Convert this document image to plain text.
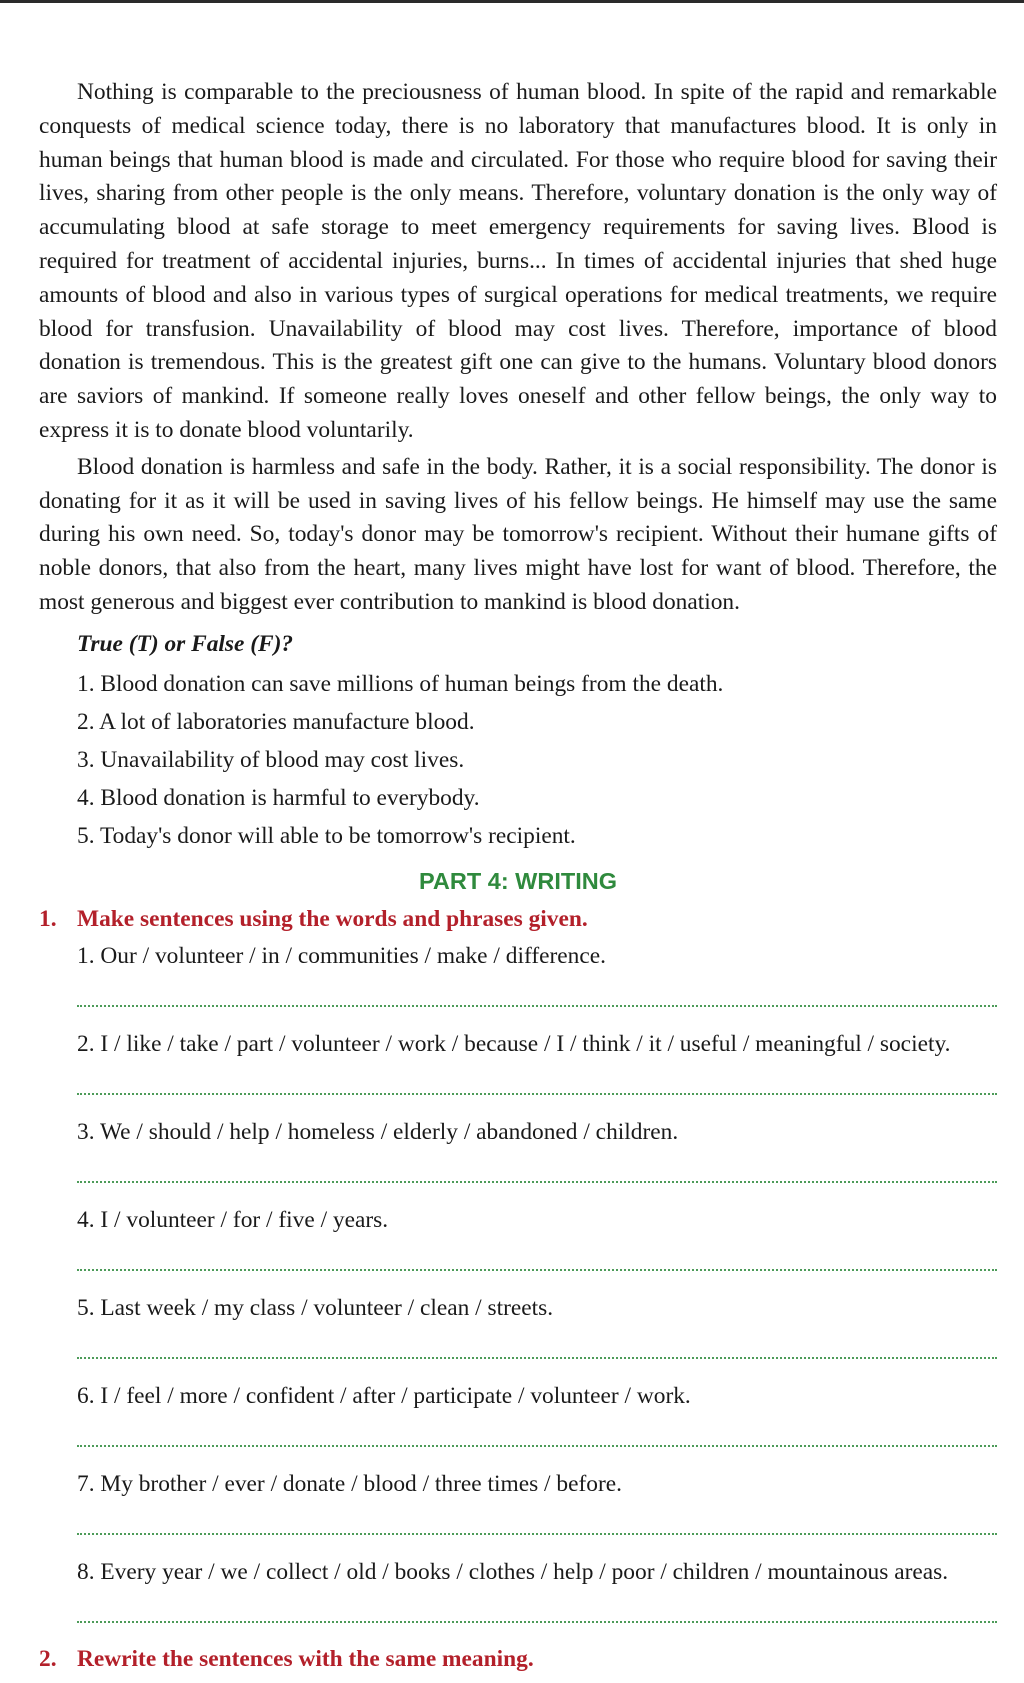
Nothing is comparable to the preciousness of human blood. In spite of the rapid and remarkable conquests of medical science today, there is no laboratory that manufactures blood. It is only in human beings that human blood is made and circulated. For those who require blood for saving their lives, sharing from other people is the only means. Therefore, voluntary donation is the only way of accumulating blood at safe storage to meet emergency requirements for saving lives. Blood is required for treatment of accidental injuries, burns... In times of accidental injuries that shed huge amounts of blood and also in various types of surgical operations for medical treatments, we require blood for transfusion. Unavailability of blood may cost lives. Therefore, importance of blood donation is tremendous. This is the greatest gift one can give to the humans. Voluntary blood donors are saviors of mankind. If someone really loves oneself and other fellow beings, the only way to express it is to donate blood voluntarily.

Blood donation is harmless and safe in the body. Rather, it is a social responsibility. The donor is donating for it as it will be used in saving lives of his fellow beings. He himself may use the same during his own need. So, today's donor may be tomorrow's recipient. Without their humane gifts of noble donors, that also from the heart, many lives might have lost for want of blood. Therefore, the most generous and biggest ever contribution to mankind is blood donation.

True (T) or False (F)?
1. Blood donation can save millions of human beings from the death.
2. A lot of laboratories manufacture blood.
3. Unavailability of blood may cost lives.
4. Blood donation is harmful to everybody.
5. Today's donor will able to be tomorrow's recipient.
PART 4: WRITING
1. Make sentences using the words and phrases given.
1. Our / volunteer / in / communities / make / difference.
2. I / like / take / part / volunteer / work / because / I / think / it / useful / meaningful / society.
3. We / should / help / homeless / elderly / abandoned / children.
4. I / volunteer / for / five / years.
5. Last week / my class / volunteer / clean / streets.
6. I / feel / more / confident / after / participate / volunteer / work.
7. My brother / ever / donate / blood / three times / before.
8. Every year / we / collect / old / books / clothes / help / poor / children / mountainous areas.
2. Rewrite the sentences with the same meaning.
